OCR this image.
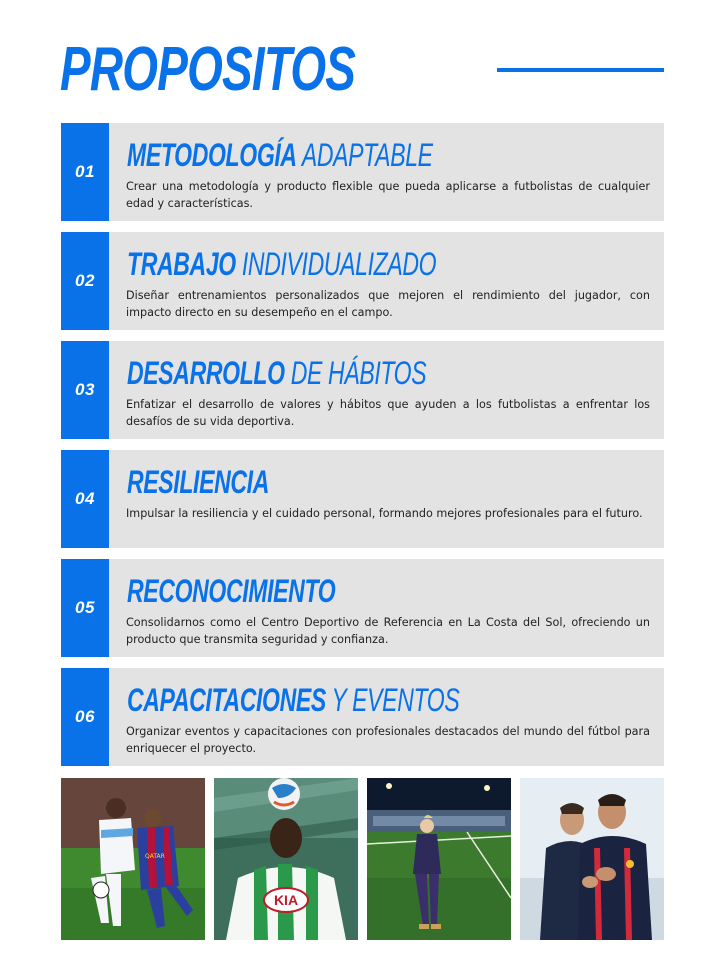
PROPOSITOS
01 METODOLOGÍA ADAPTABLE

Crear una metodología y producto flexible que pueda aplicarse a futbolistas de cualquier edad y características.

02 TRABAJO INDIVIDUALIZADO

Diseñar entrenamientos personalizados que mejoren el rendimiento del jugador, con impacto directo en su desempeño en el campo.

03 DESARROLLO DE HÁBITOS

Enfatizar el desarrollo de valores y hábitos que ayuden a los futbolistas a enfrentar los desafíos de su vida deportiva.

04 RESILIENCIA

Impulsar la resiliencia y el cuidado personal, formando mejores profesionales para el futuro.

05 RECONOCIMIENTO

Consolidarnos como el Centro Deportivo de Referencia en La Costa del Sol, ofreciendo un producto que transmita seguridad y confianza.

06 CAPACITACIONES Y EVENTOS

Organizar eventos y capacitaciones con profesionales destacados del mundo del fútbol para enriquecer el proyecto.

QATAR
KIA
